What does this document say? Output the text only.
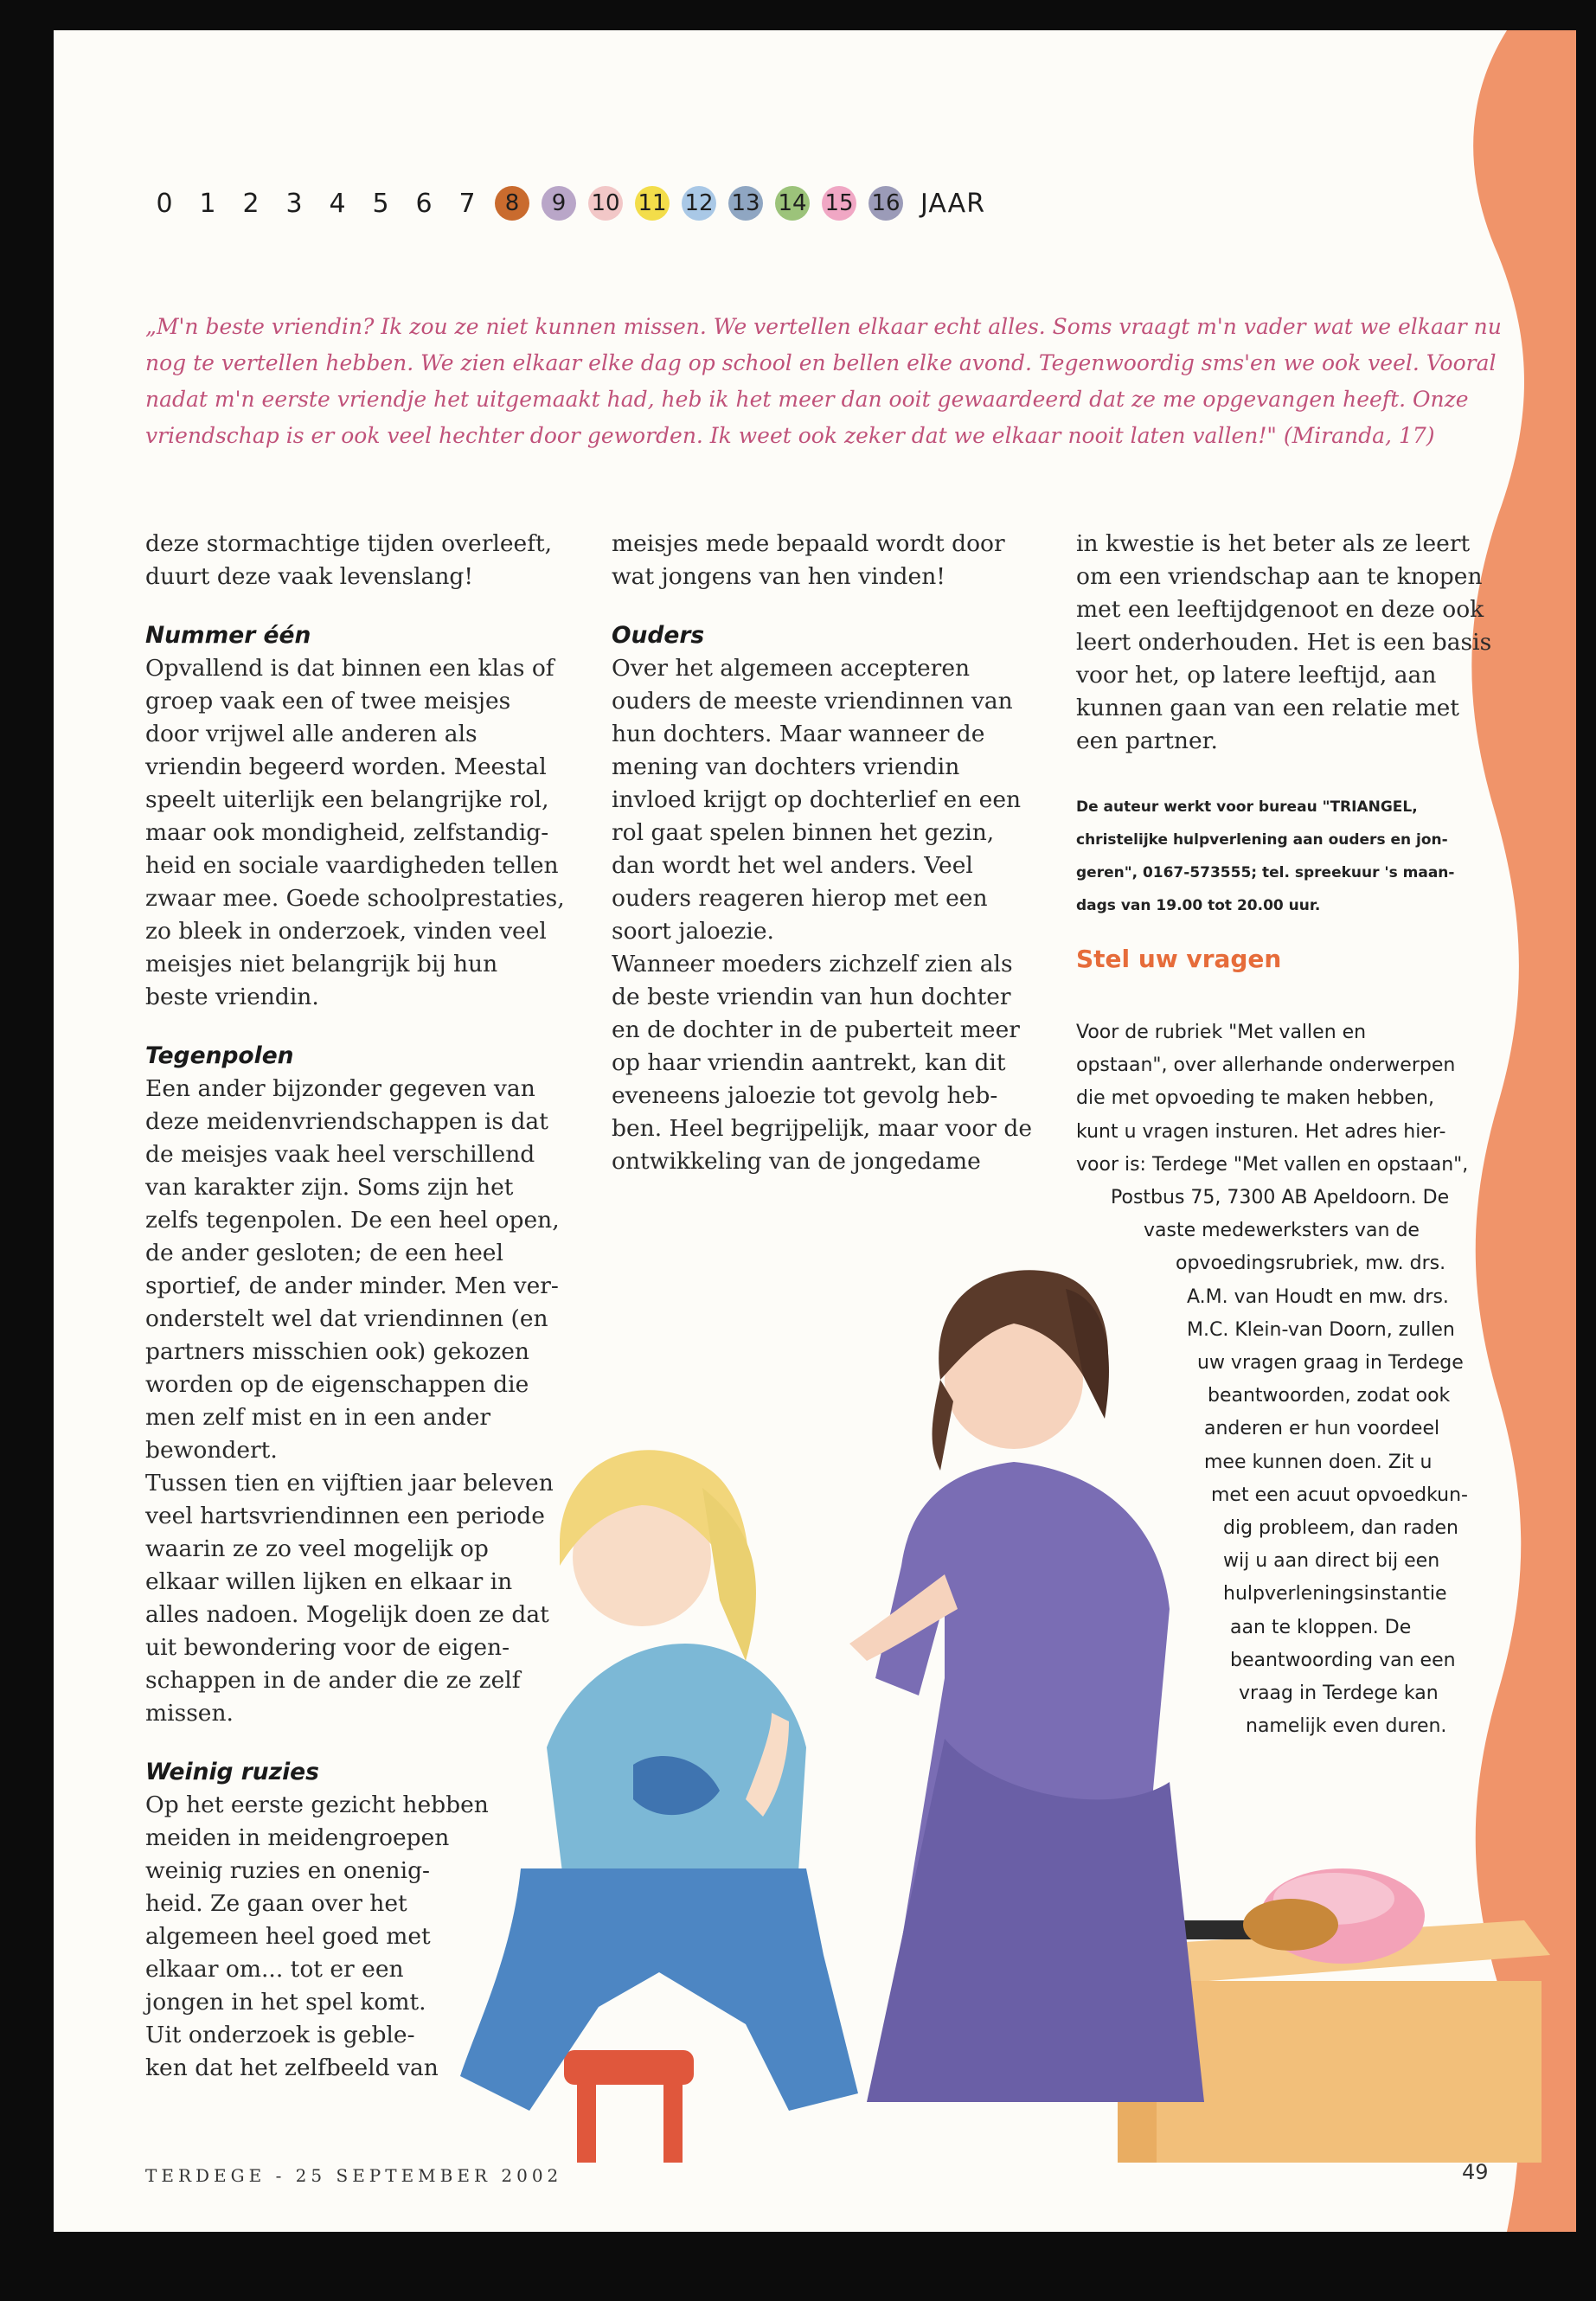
0 1 2 3 4 5 6 7	8	9	10 11 12 13 14 15 16 JAAR
„M'n beste vriendin? Ik zou ze niet kunnen missen. We vertellen elkaar echt alles. Soms vraagt m'n vader wat we elkaar nu
nog te vertellen hebben. We zien elkaar elke dag op school en bellen elke avond. Tegenwoordig sms'en we ook veel. Vooral
nadat m'n eerste vriendje het uitgemaakt had, heb ik het meer dan ooit gewaardeerd dat ze me opgevangen heeft. Onze
vriendschap is er ook veel hechter door geworden. Ik weet ook zeker dat we elkaar nooit laten vallen!" (Miranda, 17)

deze stormachtige tijden overleeft,
duurt deze vaak levenslang!

Nummer één

Opvallend is dat binnen een klas of
groep vaak een of twee meisjes
door vrijwel alle anderen als
vriendin begeerd worden. Meestal
speelt uiterlijk een belangrijke rol,
maar ook mondigheid, zelfstandig-
heid en sociale vaardigheden tellen
zwaar mee. Goede schoolprestaties,
zo bleek in onderzoek, vinden veel
meisjes niet belangrijk bij hun
beste vriendin.

Tegenpolen

Een ander bijzonder gegeven van
deze meidenvriendschappen is dat
de meisjes vaak heel verschillend
van karakter zijn. Soms zijn het
zelfs tegenpolen. De een heel open,
de ander gesloten; de een heel
sportief, de ander minder. Men ver-
onderstelt wel dat vriendinnen (en
partners misschien ook) gekozen
worden op de eigenschappen die
men zelf mist en in een ander
bewondert.
Tussen tien en vijftien jaar beleven
veel hartsvriendinnen een periode
waarin ze zo veel mogelijk op
elkaar willen lijken en elkaar in
alles nadoen. Mogelijk doen ze dat
uit bewondering voor de eigen-
schappen in de ander die ze zelf
missen.

Weinig ruzies

Op het eerste gezicht hebben
meiden in meidengroepen
weinig ruzies en onenig-
heid. Ze gaan over het
algemeen heel goed met
elkaar om... tot er een
jongen in het spel komt.
Uit onderzoek is geble-
ken dat het zelfbeeld van

meisjes mede bepaald wordt door
wat jongens van hen vinden!

Ouders

Over het algemeen accepteren
ouders de meeste vriendinnen van
hun dochters. Maar wanneer de
mening van dochters vriendin
invloed krijgt op dochterlief en een
rol gaat spelen binnen het gezin,
dan wordt het wel anders. Veel
ouders reageren hierop met een
soort jaloezie.
Wanneer moeders zichzelf zien als
de beste vriendin van hun dochter
en de dochter in de puberteit meer
op haar vriendin aantrekt, kan dit
eveneens jaloezie tot gevolg heb-
ben. Heel begrijpelijk, maar voor de
ontwikkeling van de jongedame

in kwestie is het beter als ze leert
om een vriendschap aan te knopen
met een leeftijdgenoot en deze ook
leert onderhouden. Het is een basis
voor het, op latere leeftijd, aan
kunnen gaan van een relatie met
een partner.

De auteur werkt voor bureau "TRIANGEL,
christelijke hulpverlening aan ouders en jon-
geren", 0167-573555; tel. spreekuur 's maan-
dags van 19.00 tot 20.00 uur.

Stel uw vragen

Voor de rubriek "Met vallen en
opstaan", over allerhande onderwerpen
die met opvoeding te maken hebben,
kunt u vragen insturen. Het adres hier-
voor is: Terdege "Met vallen en opstaan",
Postbus 75, 7300 AB Apeldoorn. De
vaste medewerksters van de
opvoedingsrubriek, mw. drs.
A.M. van Houdt en mw. drs.
M.C. Klein-van Doorn, zullen
uw vragen graag in Terdege
beantwoorden, zodat ook
anderen er hun voordeel
mee kunnen doen. Zit u
met een acuut opvoedkun-
dig probleem, dan raden
wij u aan direct bij een
hulpverleningsinstantie
aan te kloppen. De
beantwoording van een
vraag in Terdege kan
namelijk even duren.
TERDEGE - 25 SEPTEMBER 2002	49
